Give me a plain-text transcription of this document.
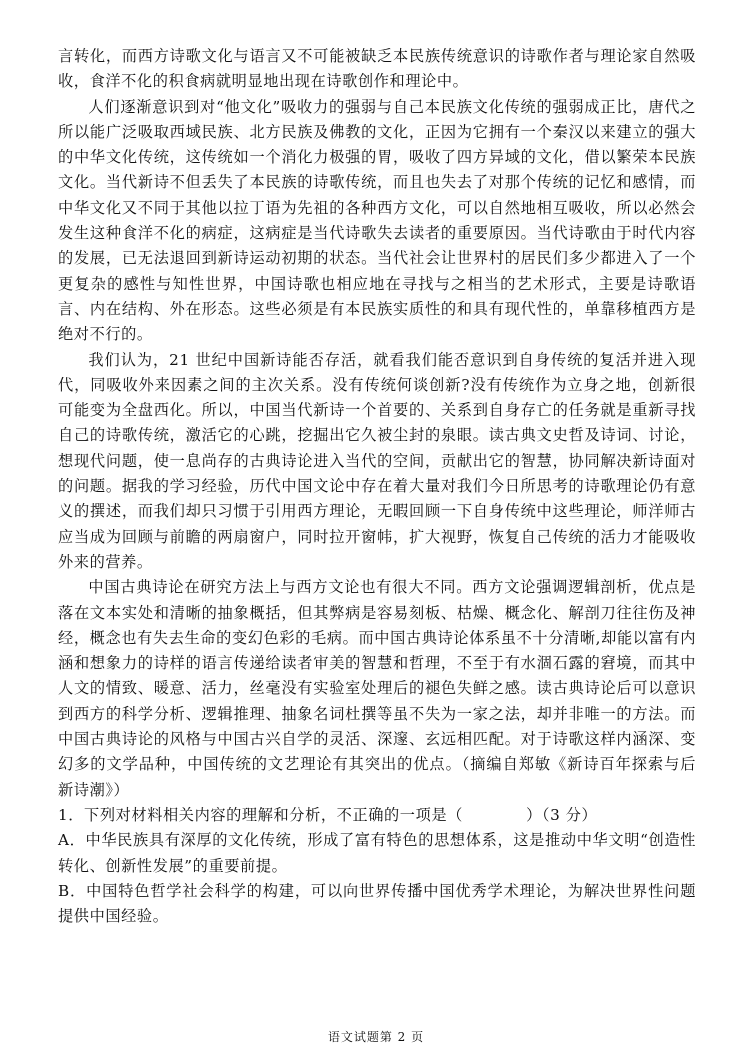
言转化，而西方诗歌文化与语言又不可能被缺乏本民族传统意识的诗歌作者与理论家自然吸收，食洋不化的积食病就明显地出现在诗歌创作和理论中。

人们逐渐意识到对“他文化”吸收力的强弱与自己本民族文化传统的强弱成正比，唐代之所以能广泛吸取西域民族、北方民族及佛教的文化，正因为它拥有一个秦汉以来建立的强大的中华文化传统，这传统如一个消化力极强的胃，吸收了四方异域的文化，借以繁荣本民族文化。当代新诗不但丢失了本民族的诗歌传统，而且也失去了对那个传统的记忆和感情，而中华文化又不同于其他以拉丁语为先祖的各种西方文化，可以自然地相互吸收，所以必然会发生这种食洋不化的病症，这病症是当代诗歌失去读者的重要原因。当代诗歌由于时代内容的发展，已无法退回到新诗运动初期的状态。当代社会让世界村的居民们多少都进入了一个更复杂的感性与知性世界，中国诗歌也相应地在寻找与之相当的艺术形式，主要是诗歌语言、内在结构、外在形态。这些必须是有本民族实质性的和具有现代性的，单靠移植西方是绝对不行的。

我们认为，21 世纪中国新诗能否存活，就看我们能否意识到自身传统的复活并进入现代，同吸收外来因素之间的主次关系。没有传统何谈创新?没有传统作为立身之地，创新很可能变为全盘西化。所以，中国当代新诗一个首要的、关系到自身存亡的任务就是重新寻找自己的诗歌传统，激活它的心跳，挖掘出它久被尘封的泉眼。读古典文史哲及诗词、讨论，想现代问题，使一息尚存的古典诗论进入当代的空间，贡献出它的智慧，协同解决新诗面对的问题。据我的学习经验，历代中国文论中存在着大量对我们今日所思考的诗歌理论仍有意义的撰述，而我们却只习惯于引用西方理论，无暇回顾一下自身传统中这些理论，师洋师古应当成为回顾与前瞻的两扇窗户，同时拉开窗帏，扩大视野，恢复自己传统的活力才能吸收外来的营养。

中国古典诗论在研究方法上与西方文论也有很大不同。西方文论强调逻辑剖析，优点是落在文本实处和清晰的抽象概括，但其弊病是容易刻板、枯燥、概念化、解剖刀往往伤及神经，概念也有失去生命的变幻色彩的毛病。而中国古典诗论体系虽不十分清晰,却能以富有内涵和想象力的诗样的语言传递给读者审美的智慧和哲理，不至于有水涸石露的窘境，而其中人文的情致、暖意、活力，丝毫没有实验室处理后的褪色失鲜之感。读古典诗论后可以意识到西方的科学分析、逻辑推理、抽象名词杜撰等虽不失为一家之法，却并非唯一的方法。而中国古典诗论的风格与中国古兴自学的灵活、深邃、玄远相匹配。对于诗歌这样内涵深、变幻多的文学品种，中国传统的文艺理论有其突出的优点。（摘编自郑敏《新诗百年探索与后新诗潮》）

1．下列对材料相关内容的理解和分析，不正确的一项是（　　　　）（3 分）

A．中华民族具有深厚的文化传统，形成了富有特色的思想体系，这是推动中华文明“创造性转化、创新性发展”的重要前提。

B．中国特色哲学社会科学的构建，可以向世界传播中国优秀学术理论，为解决世界性问题提供中国经验。

语文试题第 2 页
